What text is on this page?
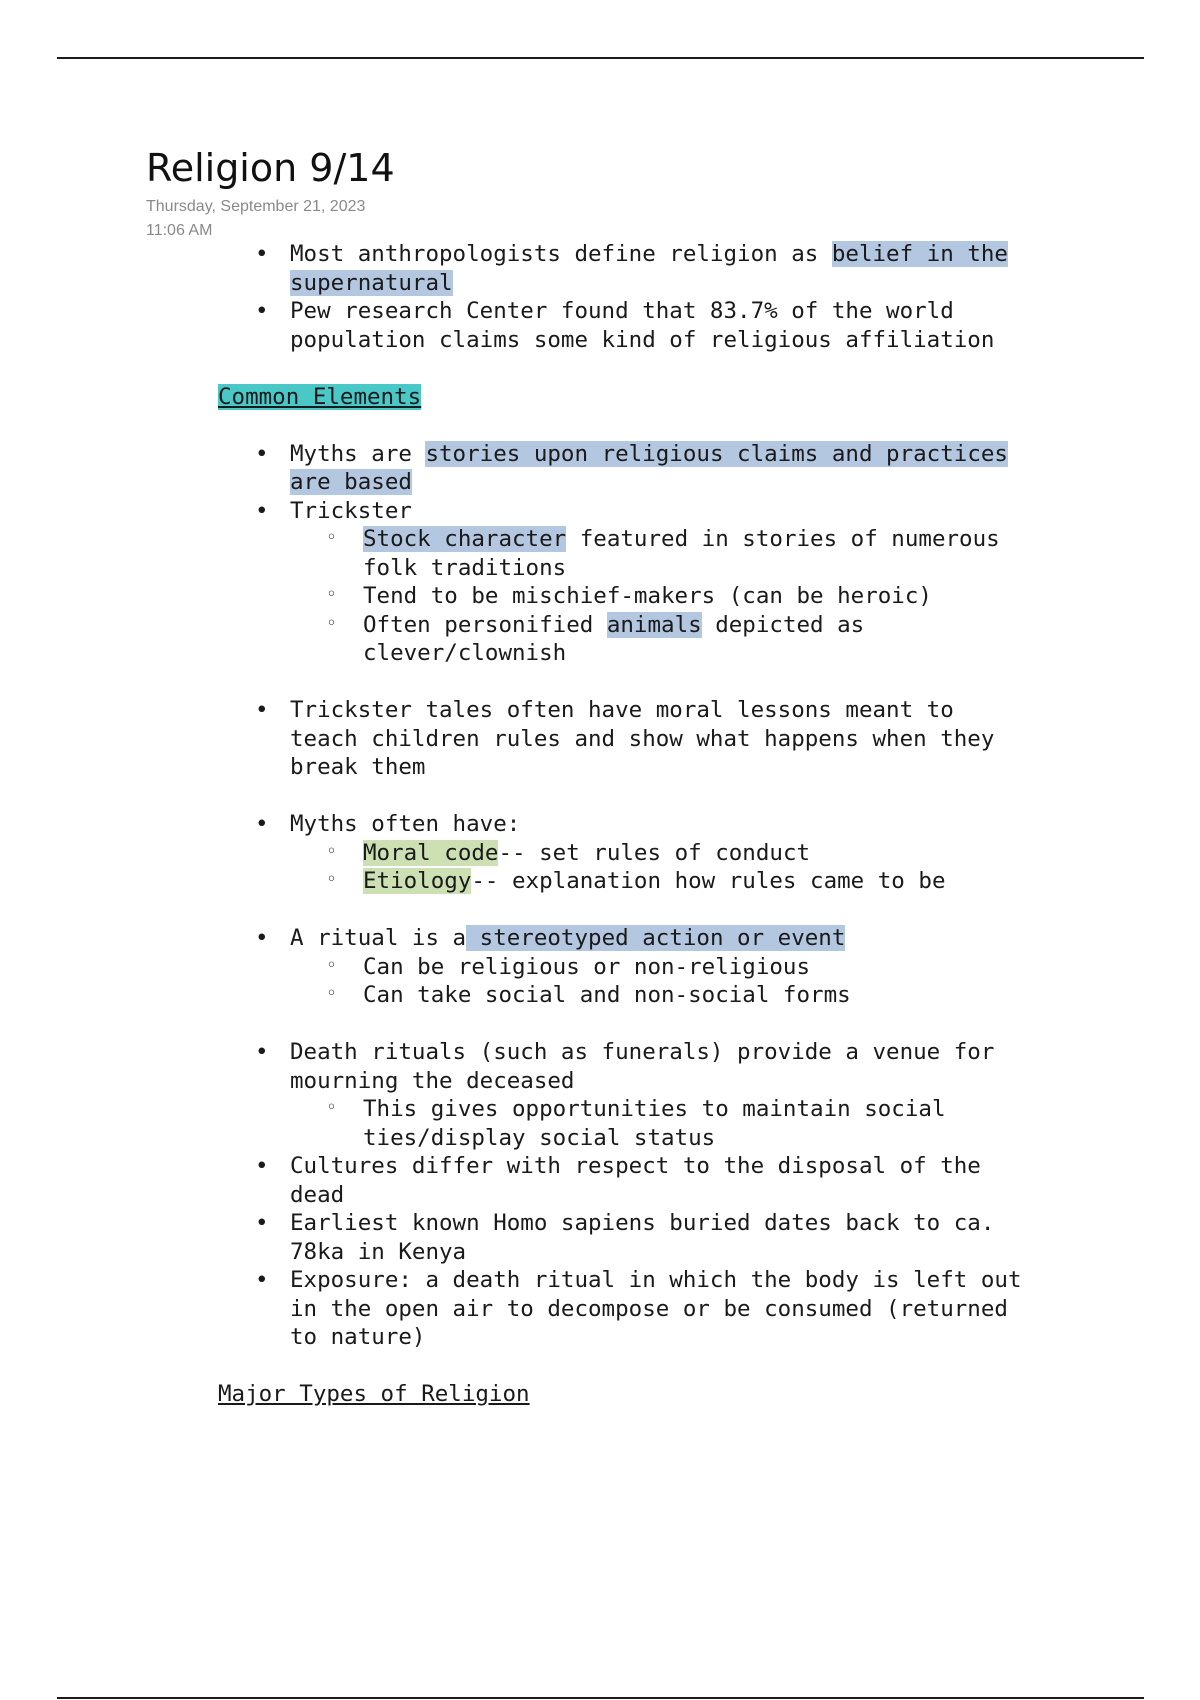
Religion 9/14
Thursday, September 21, 2023
11:06 AM
• Most anthropologists define religion as belief in the
supernatural
• Pew research Center found that 83.7% of the world
population claims some kind of religious affiliation
Common Elements
• Myths are stories upon religious claims and practices
are based
• Trickster
◦ Stock character featured in stories of numerous
folk traditions
◦ Tend to be mischief-makers (can be heroic)
◦ Often personified animals depicted as
clever/clownish
• Trickster tales often have moral lessons meant to
teach children rules and show what happens when they
break them
• Myths often have:
◦ Moral code-- set rules of conduct
◦ Etiology-- explanation how rules came to be
• A ritual is a stereotyped action or event
◦ Can be religious or non-religious
◦ Can take social and non-social forms
• Death rituals (such as funerals) provide a venue for
mourning the deceased
◦ This gives opportunities to maintain social
ties/display social status
• Cultures differ with respect to the disposal of the
dead
• Earliest known Homo sapiens buried dates back to ca.
78ka in Kenya
• Exposure: a death ritual in which the body is left out
in the open air to decompose or be consumed (returned
to nature)
Major Types of Religion
